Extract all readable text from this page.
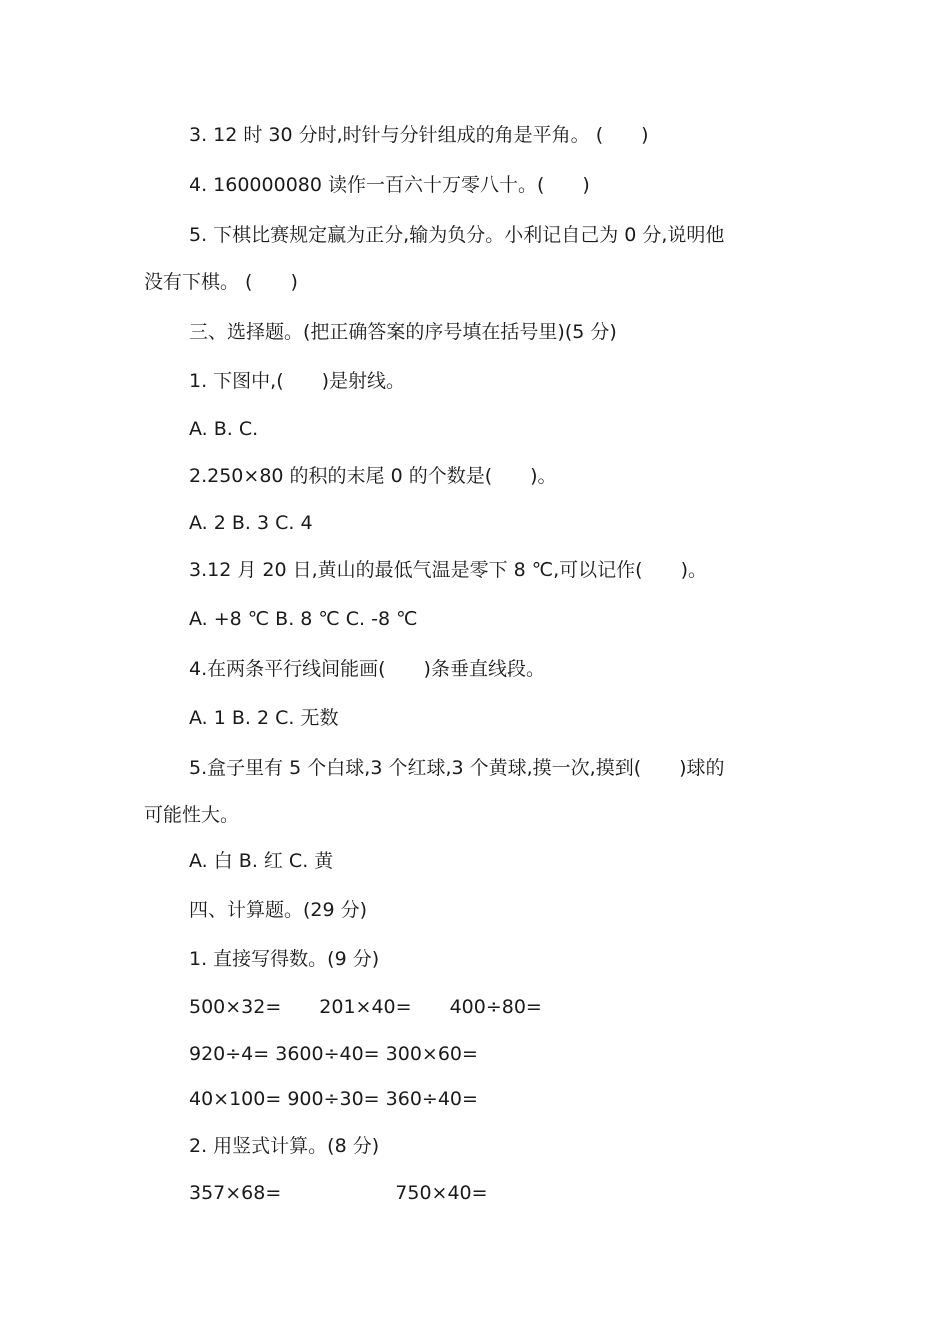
3. 12 时 30 分时,时针与分针组成的角是平角。 (　　)
4. 160000080 读作一百六十万零八十。(　　)
5. 下棋比赛规定赢为正分,输为负分。小利记自己为 0 分,说明他
没有下棋。 (　　)
三、选择题。(把正确答案的序号填在括号里)(5 分)
1. 下图中,(　　)是射线。
A. B. C.
2.250×80 的积的末尾 0 的个数是(　　)。
A. 2 B. 3 C. 4
3.12 月 20 日,黄山的最低气温是零下 8 ℃,可以记作(　　)。
A. +8 ℃ B. 8 ℃ C. -8 ℃
4.在两条平行线间能画(　　)条垂直线段。
A. 1 B. 2 C. 无数
5.盒子里有 5 个白球,3 个红球,3 个黄球,摸一次,摸到(　　)球的
可能性大。
A. 白 B. 红 C. 黄
四、计算题。(29 分)
1. 直接写得数。(9 分)
500×32=　　201×40=　　400÷80=
920÷4= 3600÷40= 300×60=
40×100= 900÷30= 360÷40=
2. 用竖式计算。(8 分)
357×68=　　　　　　750×40=
